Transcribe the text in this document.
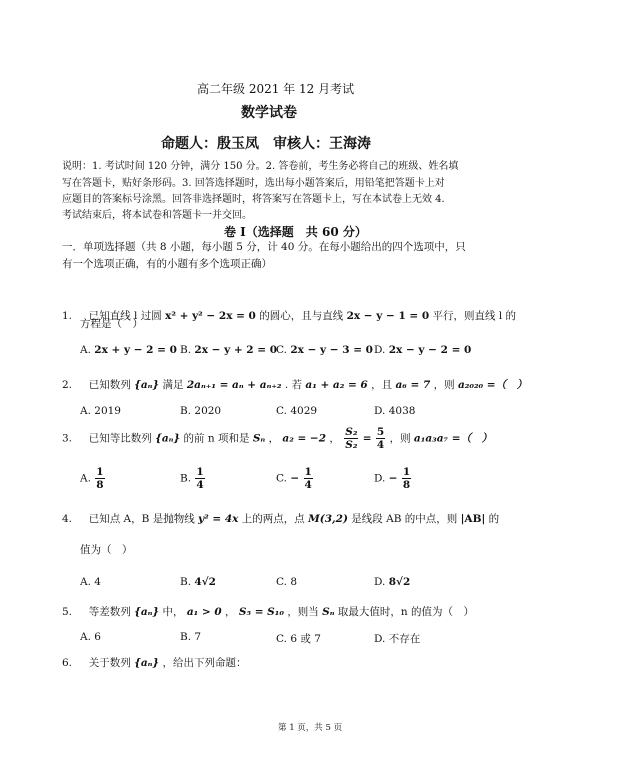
高二年级 2021 年 12 月考试
数学试卷
命题人：殷玉凤　审核人：王海涛
说明：1. 考试时间 120 分钟，满分 150 分。2. 答卷前，考生务必将自己的班级、姓名填
写在答题卡，贴好条形码。3. 回答选择题时，选出每小题答案后，用铅笔把答题卡上对
应题目的答案标号涂黑。回答非选择题时，将答案写在答题卡上，写在本试卷上无效 4.
考试结束后，将本试卷和答题卡一并交回。
卷 I（选择题　共 60 分）
一．单项选择题（共 8 小题，每小题 5 分，计 40 分。在每小题给出的四个选项中，只
有一个选项正确，有的小题有多个选项正确）
1. 已知直线 l 过圆 x² + y² − 2x = 0 的圆心，且与直线 2x − y − 1 = 0 平行，则直线 l 的
方程是（　）
A. 2x + y − 2 = 0 B. 2x − y + 2 = 0
C. 2x − y − 3 = 0 D. 2x − y − 2 = 0
2. 已知数列 {aₙ} 满足 2aₙ₊₁ = aₙ + aₙ₊₂ . 若 a₁ + a₂ = 6 ，且 a₆ = 7 ，则 a₂₀₂₀ =（　）
A. 2019	B. 2020	C. 4029	D. 4038
3. 已知等比数列 {aₙ} 的前 n 项和是 Sₙ ， a₂ = −2 ， $\frac{\text{S₂}}{\text{S₂}} = \frac{5}{4}$ ，则 a₁a₃a₇ =（　）
A. $\frac{1}{8}$	B. $\frac{1}{4}$	C. − $\frac{1}{4}$	D. − $\frac{1}{8}$
4. 已知点 A，B 是抛物线 y² = 4x 上的两点，点 M(3,2) 是线段 AB 的中点，则 |AB| 的
值为（　）
A. 4	B. 4√2	C. 8	D. 8√2
5. 等差数列 {aₙ} 中， a₁ > 0 ， S₅ = S₁₀ ，则当 Sₙ 取最大值时，n 的值为（　）
A. 6	B. 7	C. 6 或 7	D. 不存在
6. 关于数列 {aₙ} ，给出下列命题：
第 1 页，共 5 页
